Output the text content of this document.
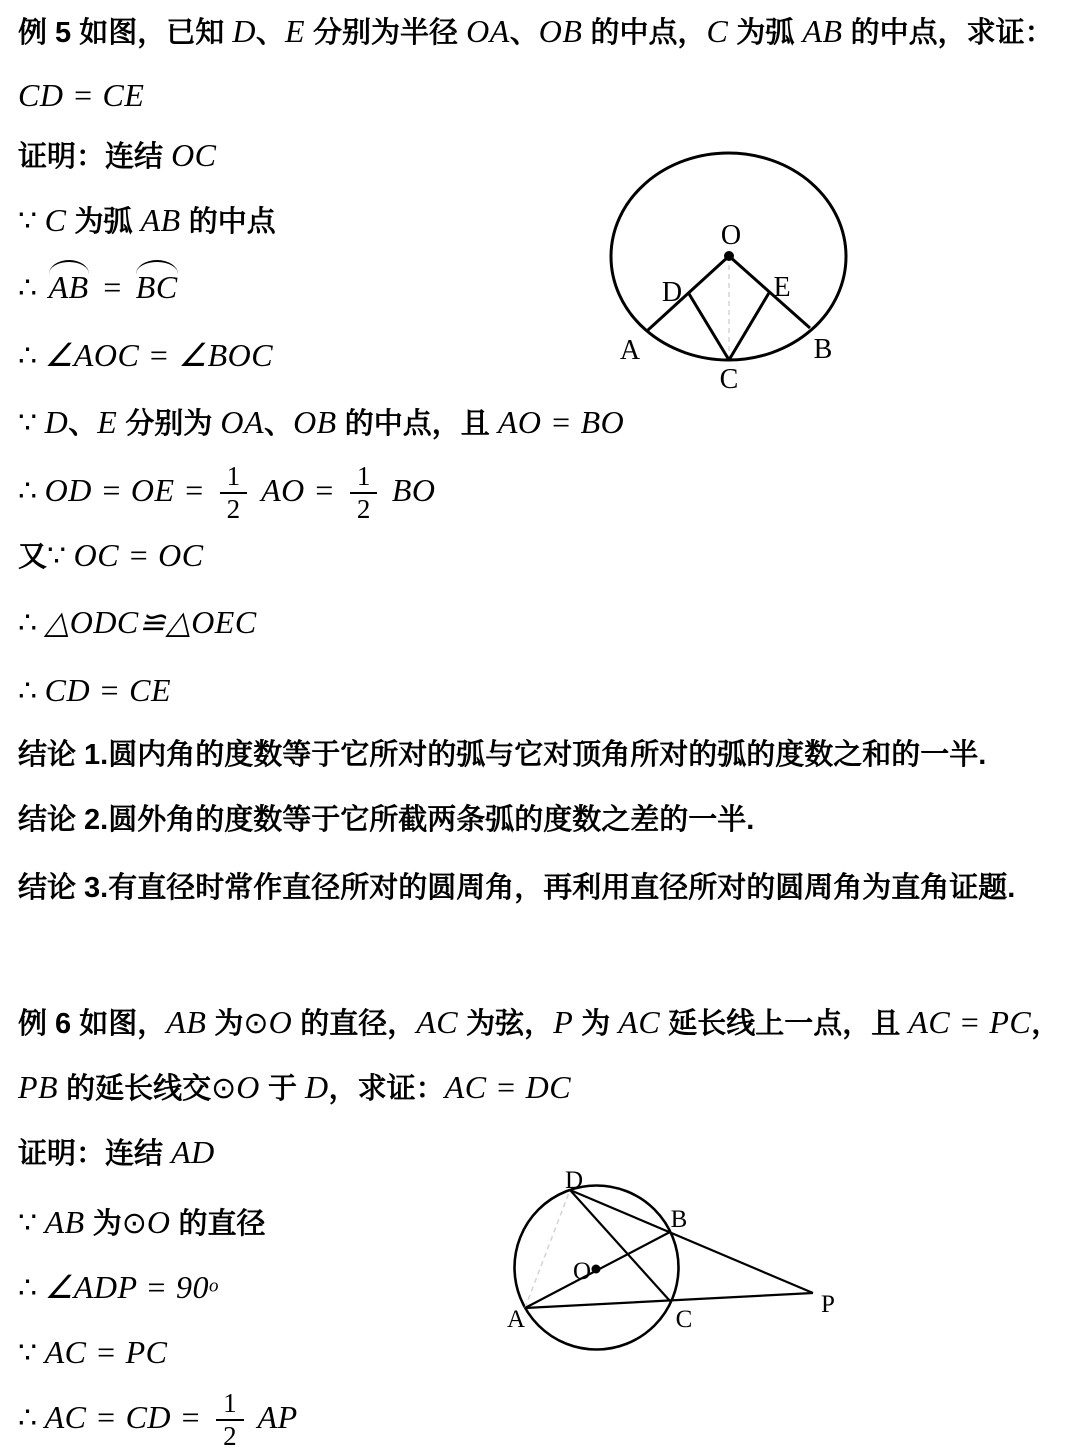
例 5 如图，已知 D、E 分别为半径 OA、OB 的中点，C 为弧 AB 的中点，求证：
CD = CE
证明：连结 OC
∵ C 为弧 AB 的中点
∴ AB = BC
∴ ∠AOC = ∠BOC
∵ D、E 分别为 OA、OB 的中点，且 AO = BO
∴ OD = OE = $\frac{1}{2}$ AO = $\frac{1}{2}$ BO
又∵ OC = OC
∴ △ODC≌△OEC
∴ CD = CE
结论 1.圆内角的度数等于它所对的弧与它对顶角所对的弧的度数之和的一半.
结论 2.圆外角的度数等于它所截两条弧的度数之差的一半.
结论 3.有直径时常作直径所对的圆周角，再利用直径所对的圆周角为直角证题.
例 6 如图，AB 为⊙O 的直径，AC 为弦，P 为 AC 延长线上一点，且 AC = PC，
PB 的延长线交⊙O 于 D，求证：AC = DC
证明：连结 AD
∵ AB 为⊙O 的直径
∴ ∠ADP = $90^o$
∵ AC = PC
∴ AC = CD = $\frac{1}{2}$ AP
O
A	B
C
D	E
D
B
O
A	C
P
